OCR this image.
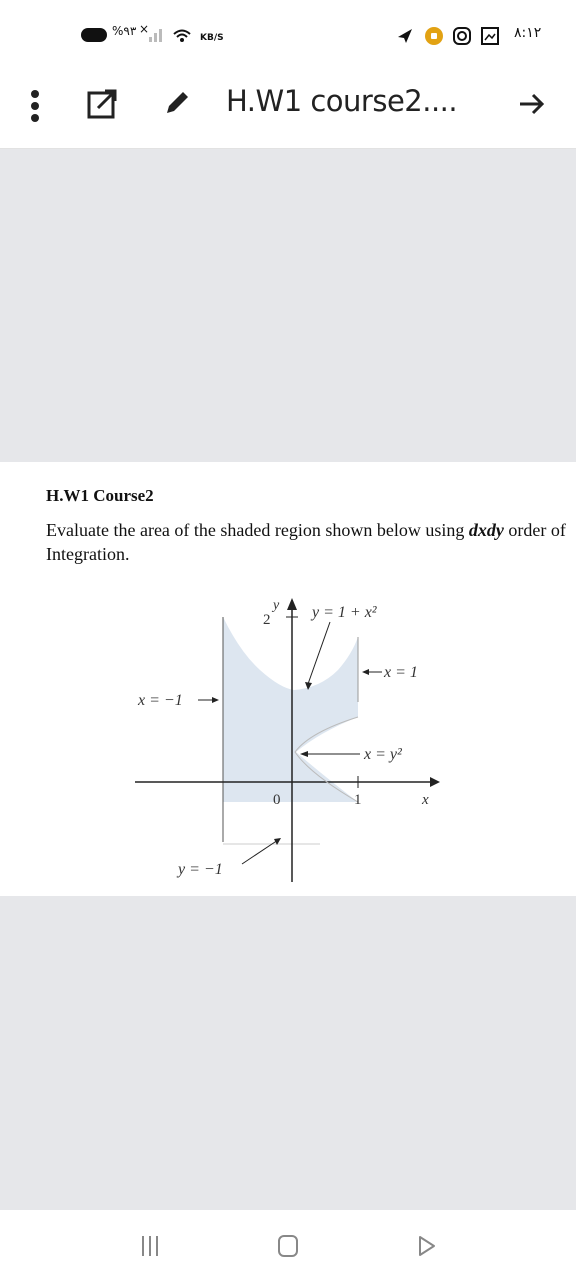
%۹۳ ×
KB/S	۸:۱۲
H.W1 course2....
H.W1 Course2
Evaluate the area of the shaded region shown below using dxdy order of Integration.
y
x
2
0	1
y = 1 + x²
x = 1
x = −1
x = y²
y = −1
